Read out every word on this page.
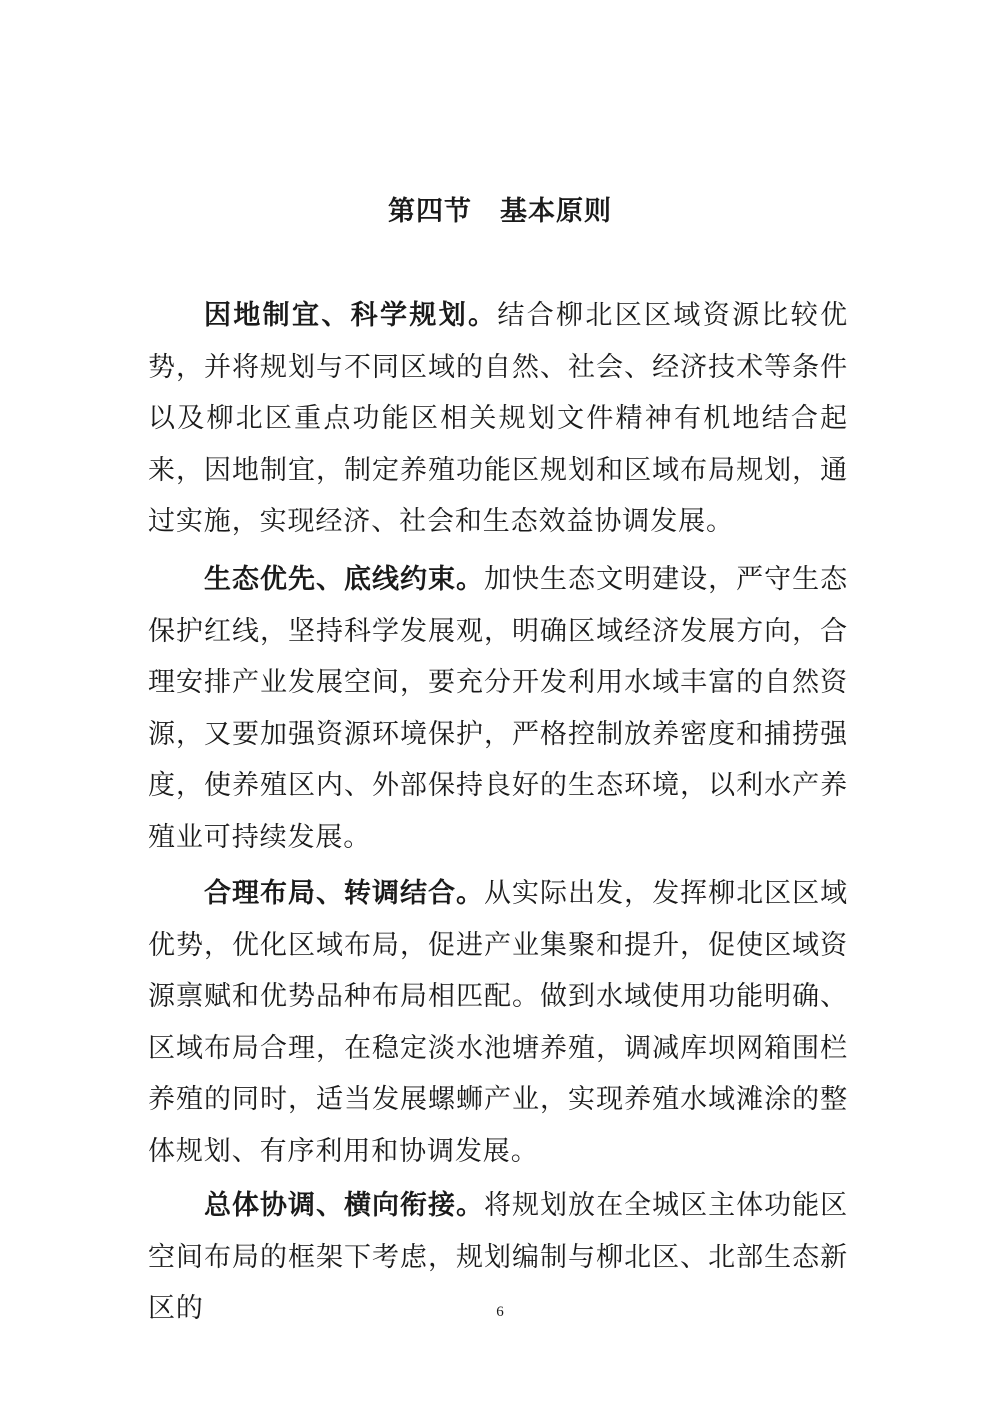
第四节　基本原则

因地制宜、科学规划。结合柳北区区域资源比较优势，并将规划与不同区域的自然、社会、经济技术等条件以及柳北区重点功能区相关规划文件精神有机地结合起来，因地制宜，制定养殖功能区规划和区域布局规划，通过实施，实现经济、社会和生态效益协调发展。

生态优先、底线约束。加快生态文明建设，严守生态保护红线，坚持科学发展观，明确区域经济发展方向，合理安排产业发展空间，要充分开发利用水域丰富的自然资源，又要加强资源环境保护，严格控制放养密度和捕捞强度，使养殖区内、外部保持良好的生态环境，以利水产养殖业可持续发展。

合理布局、转调结合。从实际出发，发挥柳北区区域优势，优化区域布局，促进产业集聚和提升，促使区域资源禀赋和优势品种布局相匹配。做到水域使用功能明确、区域布局合理，在稳定淡水池塘养殖，调减库坝网箱围栏养殖的同时，适当发展螺蛳产业，实现养殖水域滩涂的整体规划、有序利用和协调发展。

总体协调、横向衔接。将规划放在全城区主体功能区空间布局的框架下考虑，规划编制与柳北区、北部生态新区的	6
